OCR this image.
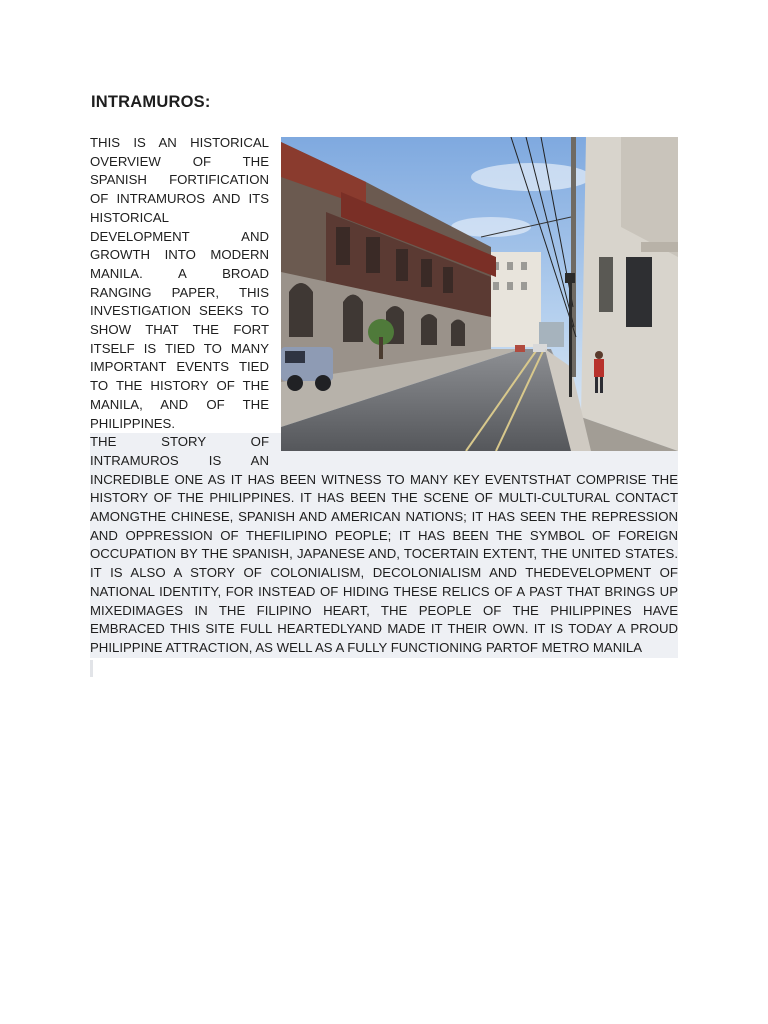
INTRAMUROS:

THIS IS AN HISTORICAL OVERVIEW OF THE SPANISH FORTIFICATION OF INTRAMUROS AND ITS HISTORICAL DEVELOPMENT AND GROWTH INTO MODERN MANILA. A BROAD RANGING PAPER, THIS INVESTIGATION SEEKS TO SHOW THAT THE FORT ITSELF IS TIED TO MANY IMPORTANT EVENTS TIED TO THE HISTORY OF THE MANILA, AND OF THE PHILIPPINES.

THE STORY OF INTRAMUROS IS AN INCREDIBLE ONE AS IT HAS BEEN WITNESS TO MANY KEY EVENTSTHAT COMPRISE THE HISTORY OF THE PHILIPPINES. IT HAS BEEN THE SCENE OF MULTI-CULTURAL CONTACT AMONGTHE CHINESE, SPANISH AND AMERICAN NATIONS; IT HAS SEEN THE REPRESSION AND OPPRESSION OF THEFILIPINO PEOPLE; IT HAS BEEN THE SYMBOL OF FOREIGN OCCUPATION BY THE SPANISH, JAPANESE AND, TOCERTAIN EXTENT, THE UNITED STATES. IT IS ALSO A STORY OF COLONIALISM, DECOLONIALISM AND THEDEVELOPMENT OF NATIONAL IDENTITY, FOR INSTEAD OF HIDING THESE RELICS OF A PAST THAT BRINGS UP MIXEDIMAGES IN THE FILIPINO HEART, THE PEOPLE OF THE PHILIPPINES HAVE EMBRACED THIS SITE FULL HEARTEDLYAND MADE IT THEIR OWN. IT IS TODAY A PROUD PHILIPPINE ATTRACTION, AS WELL AS A FULLY FUNCTIONING PARTOF METRO MANILA
